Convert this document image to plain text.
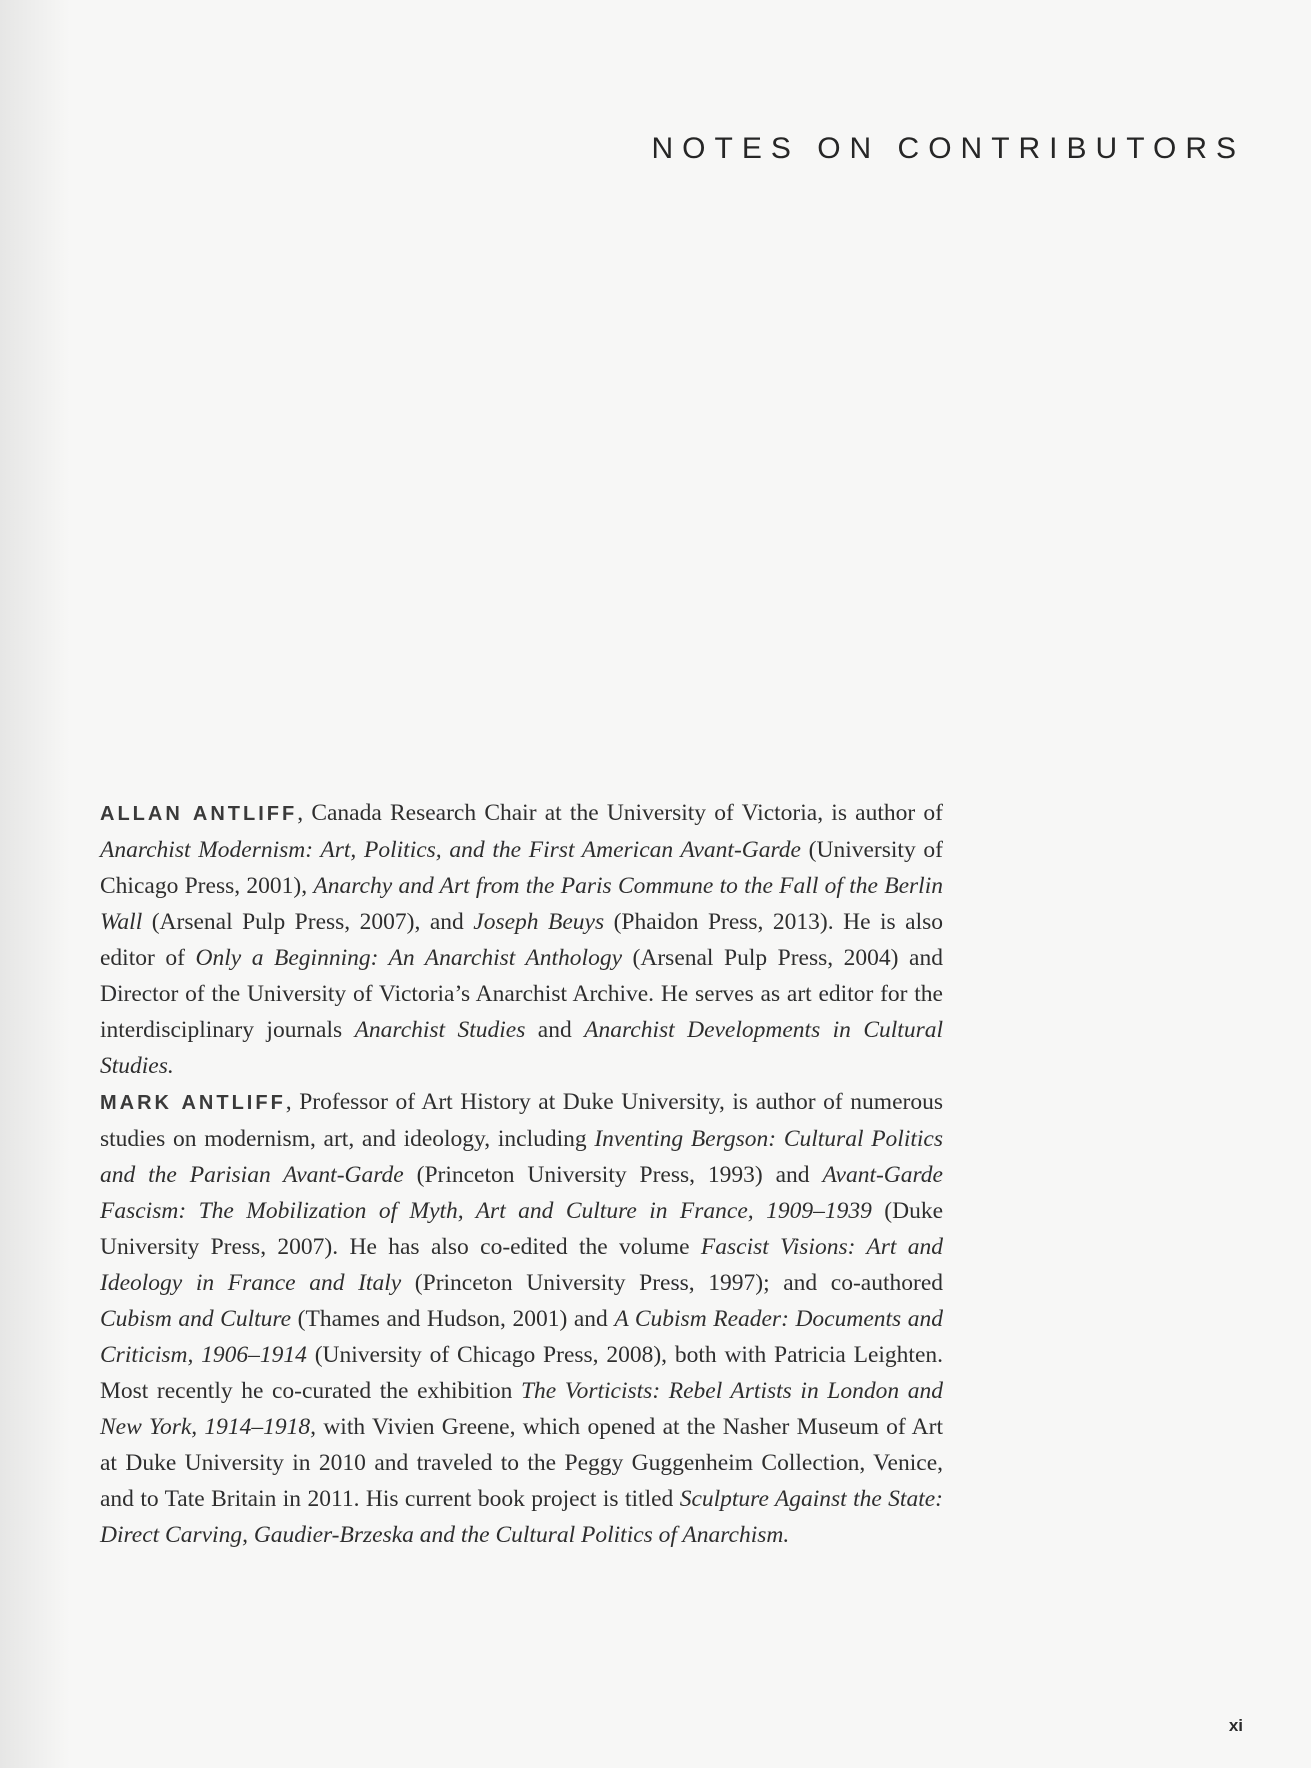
NOTES ON CONTRIBUTORS

ALLAN ANTLIFF, Canada Research Chair at the University of Victoria, is author of Anarchist Modernism: Art, Politics, and the First American Avant-Garde (University of Chicago Press, 2001), Anarchy and Art from the Paris Commune to the Fall of the Berlin Wall (Arsenal Pulp Press, 2007), and Joseph Beuys (Phaidon Press, 2013). He is also editor of Only a Beginning: An Anarchist Anthology (Arsenal Pulp Press, 2004) and Director of the University of Victoria’s Anarchist Archive. He serves as art editor for the interdisciplinary journals Anarchist Studies and Anarchist Developments in Cultural Studies.

MARK ANTLIFF, Professor of Art History at Duke University, is author of numerous studies on modernism, art, and ideology, including Inventing Bergson: Cultural Politics and the Parisian Avant-Garde (Princeton University Press, 1993) and Avant-Garde Fascism: The Mobilization of Myth, Art and Culture in France, 1909–1939 (Duke University Press, 2007). He has also co-edited the volume Fascist Visions: Art and Ideology in France and Italy (Princeton University Press, 1997); and co-authored Cubism and Culture (Thames and Hudson, 2001) and A Cubism Reader: Documents and Criticism, 1906–1914 (University of Chicago Press, 2008), both with Patricia Leighten. Most recently he co-curated the exhibition The Vorticists: Rebel Artists in London and New York, 1914–1918, with Vivien Greene, which opened at the Nasher Museum of Art at Duke University in 2010 and traveled to the Peggy Guggenheim Collection, Venice, and to Tate Britain in 2011. His current book project is titled Sculpture Against the State: Direct Carving, Gaudier-Brzeska and the Cultural Politics of Anarchism.

xi
